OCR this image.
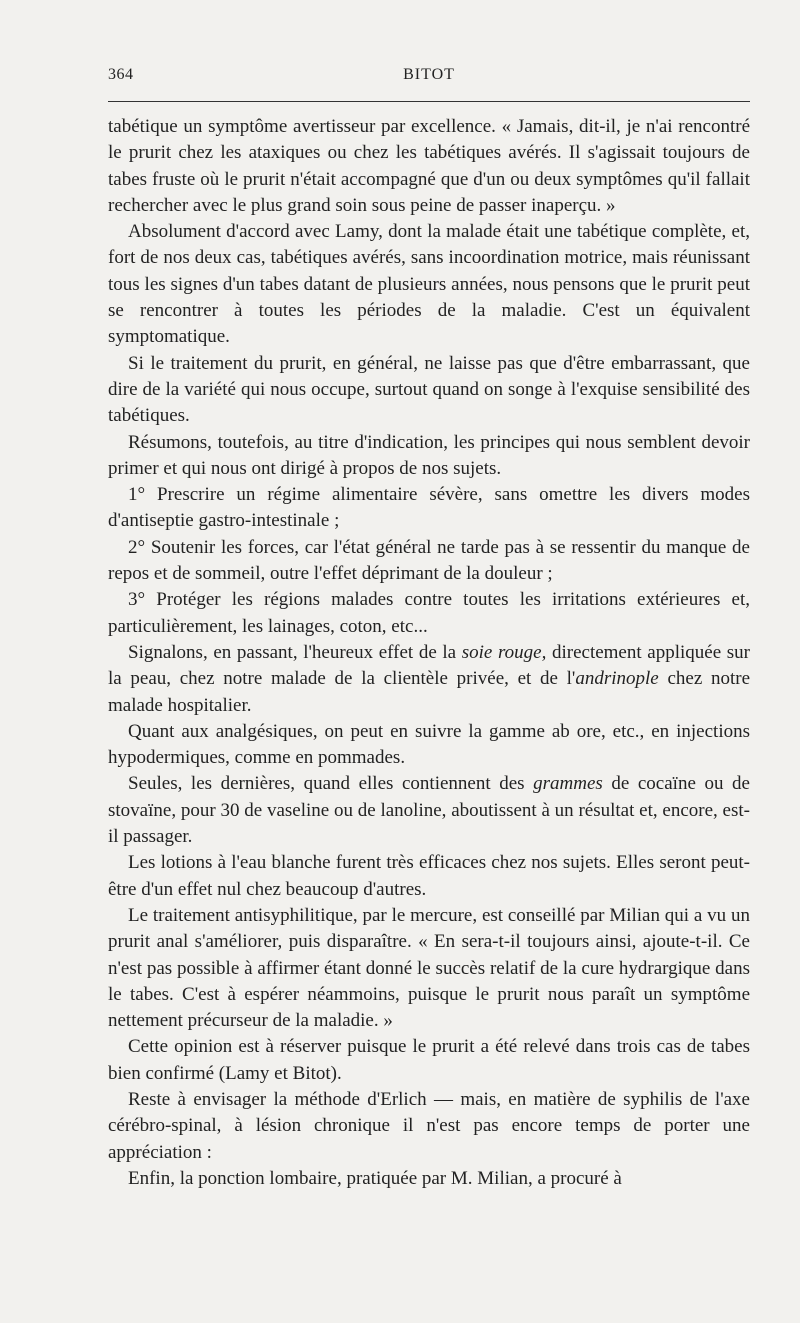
364	BITOT

tabétique un symptôme avertisseur par excellence. « Jamais, dit-il, je n'ai rencontré le prurit chez les ataxiques ou chez les tabétiques avérés. Il s'agissait toujours de tabes fruste où le prurit n'était accompagné que d'un ou deux symptômes qu'il fallait rechercher avec le plus grand soin sous peine de passer inaperçu. »

Absolument d'accord avec Lamy, dont la malade était une tabétique complète, et, fort de nos deux cas, tabétiques avérés, sans incoordination motrice, mais réunissant tous les signes d'un tabes datant de plusieurs années, nous pensons que le prurit peut se rencontrer à toutes les périodes de la maladie. C'est un équivalent symptomatique.

Si le traitement du prurit, en général, ne laisse pas que d'être embarrassant, que dire de la variété qui nous occupe, surtout quand on songe à l'exquise sensibilité des tabétiques.

Résumons, toutefois, au titre d'indication, les principes qui nous semblent devoir primer et qui nous ont dirigé à propos de nos sujets.

1° Prescrire un régime alimentaire sévère, sans omettre les divers modes d'antiseptie gastro-intestinale ;

2° Soutenir les forces, car l'état général ne tarde pas à se ressentir du manque de repos et de sommeil, outre l'effet déprimant de la douleur ;

3° Protéger les régions malades contre toutes les irritations extérieures et, particulièrement, les lainages, coton, etc...

Signalons, en passant, l'heureux effet de la soie rouge, directement appliquée sur la peau, chez notre malade de la clientèle privée, et de l'andrinople chez notre malade hospitalier.

Quant aux analgésiques, on peut en suivre la gamme ab ore, etc., en injections hypodermiques, comme en pommades.

Seules, les dernières, quand elles contiennent des grammes de cocaïne ou de stovaïne, pour 30 de vaseline ou de lanoline, aboutissent à un résultat et, encore, est-il passager.

Les lotions à l'eau blanche furent très efficaces chez nos sujets. Elles seront peut-être d'un effet nul chez beaucoup d'autres.

Le traitement antisyphilitique, par le mercure, est conseillé par Milian qui a vu un prurit anal s'améliorer, puis disparaître. « En sera-t-il toujours ainsi, ajoute-t-il. Ce n'est pas possible à affirmer étant donné le succès relatif de la cure hydrargique dans le tabes. C'est à espérer néammoins, puisque le prurit nous paraît un symptôme nettement précurseur de la maladie. »

Cette opinion est à réserver puisque le prurit a été relevé dans trois cas de tabes bien confirmé (Lamy et Bitot).

Reste à envisager la méthode d'Erlich — mais, en matière de syphilis de l'axe cérébro-spinal, à lésion chronique il n'est pas encore temps de porter une appréciation :

Enfin, la ponction lombaire, pratiquée par M. Milian, a procuré à
